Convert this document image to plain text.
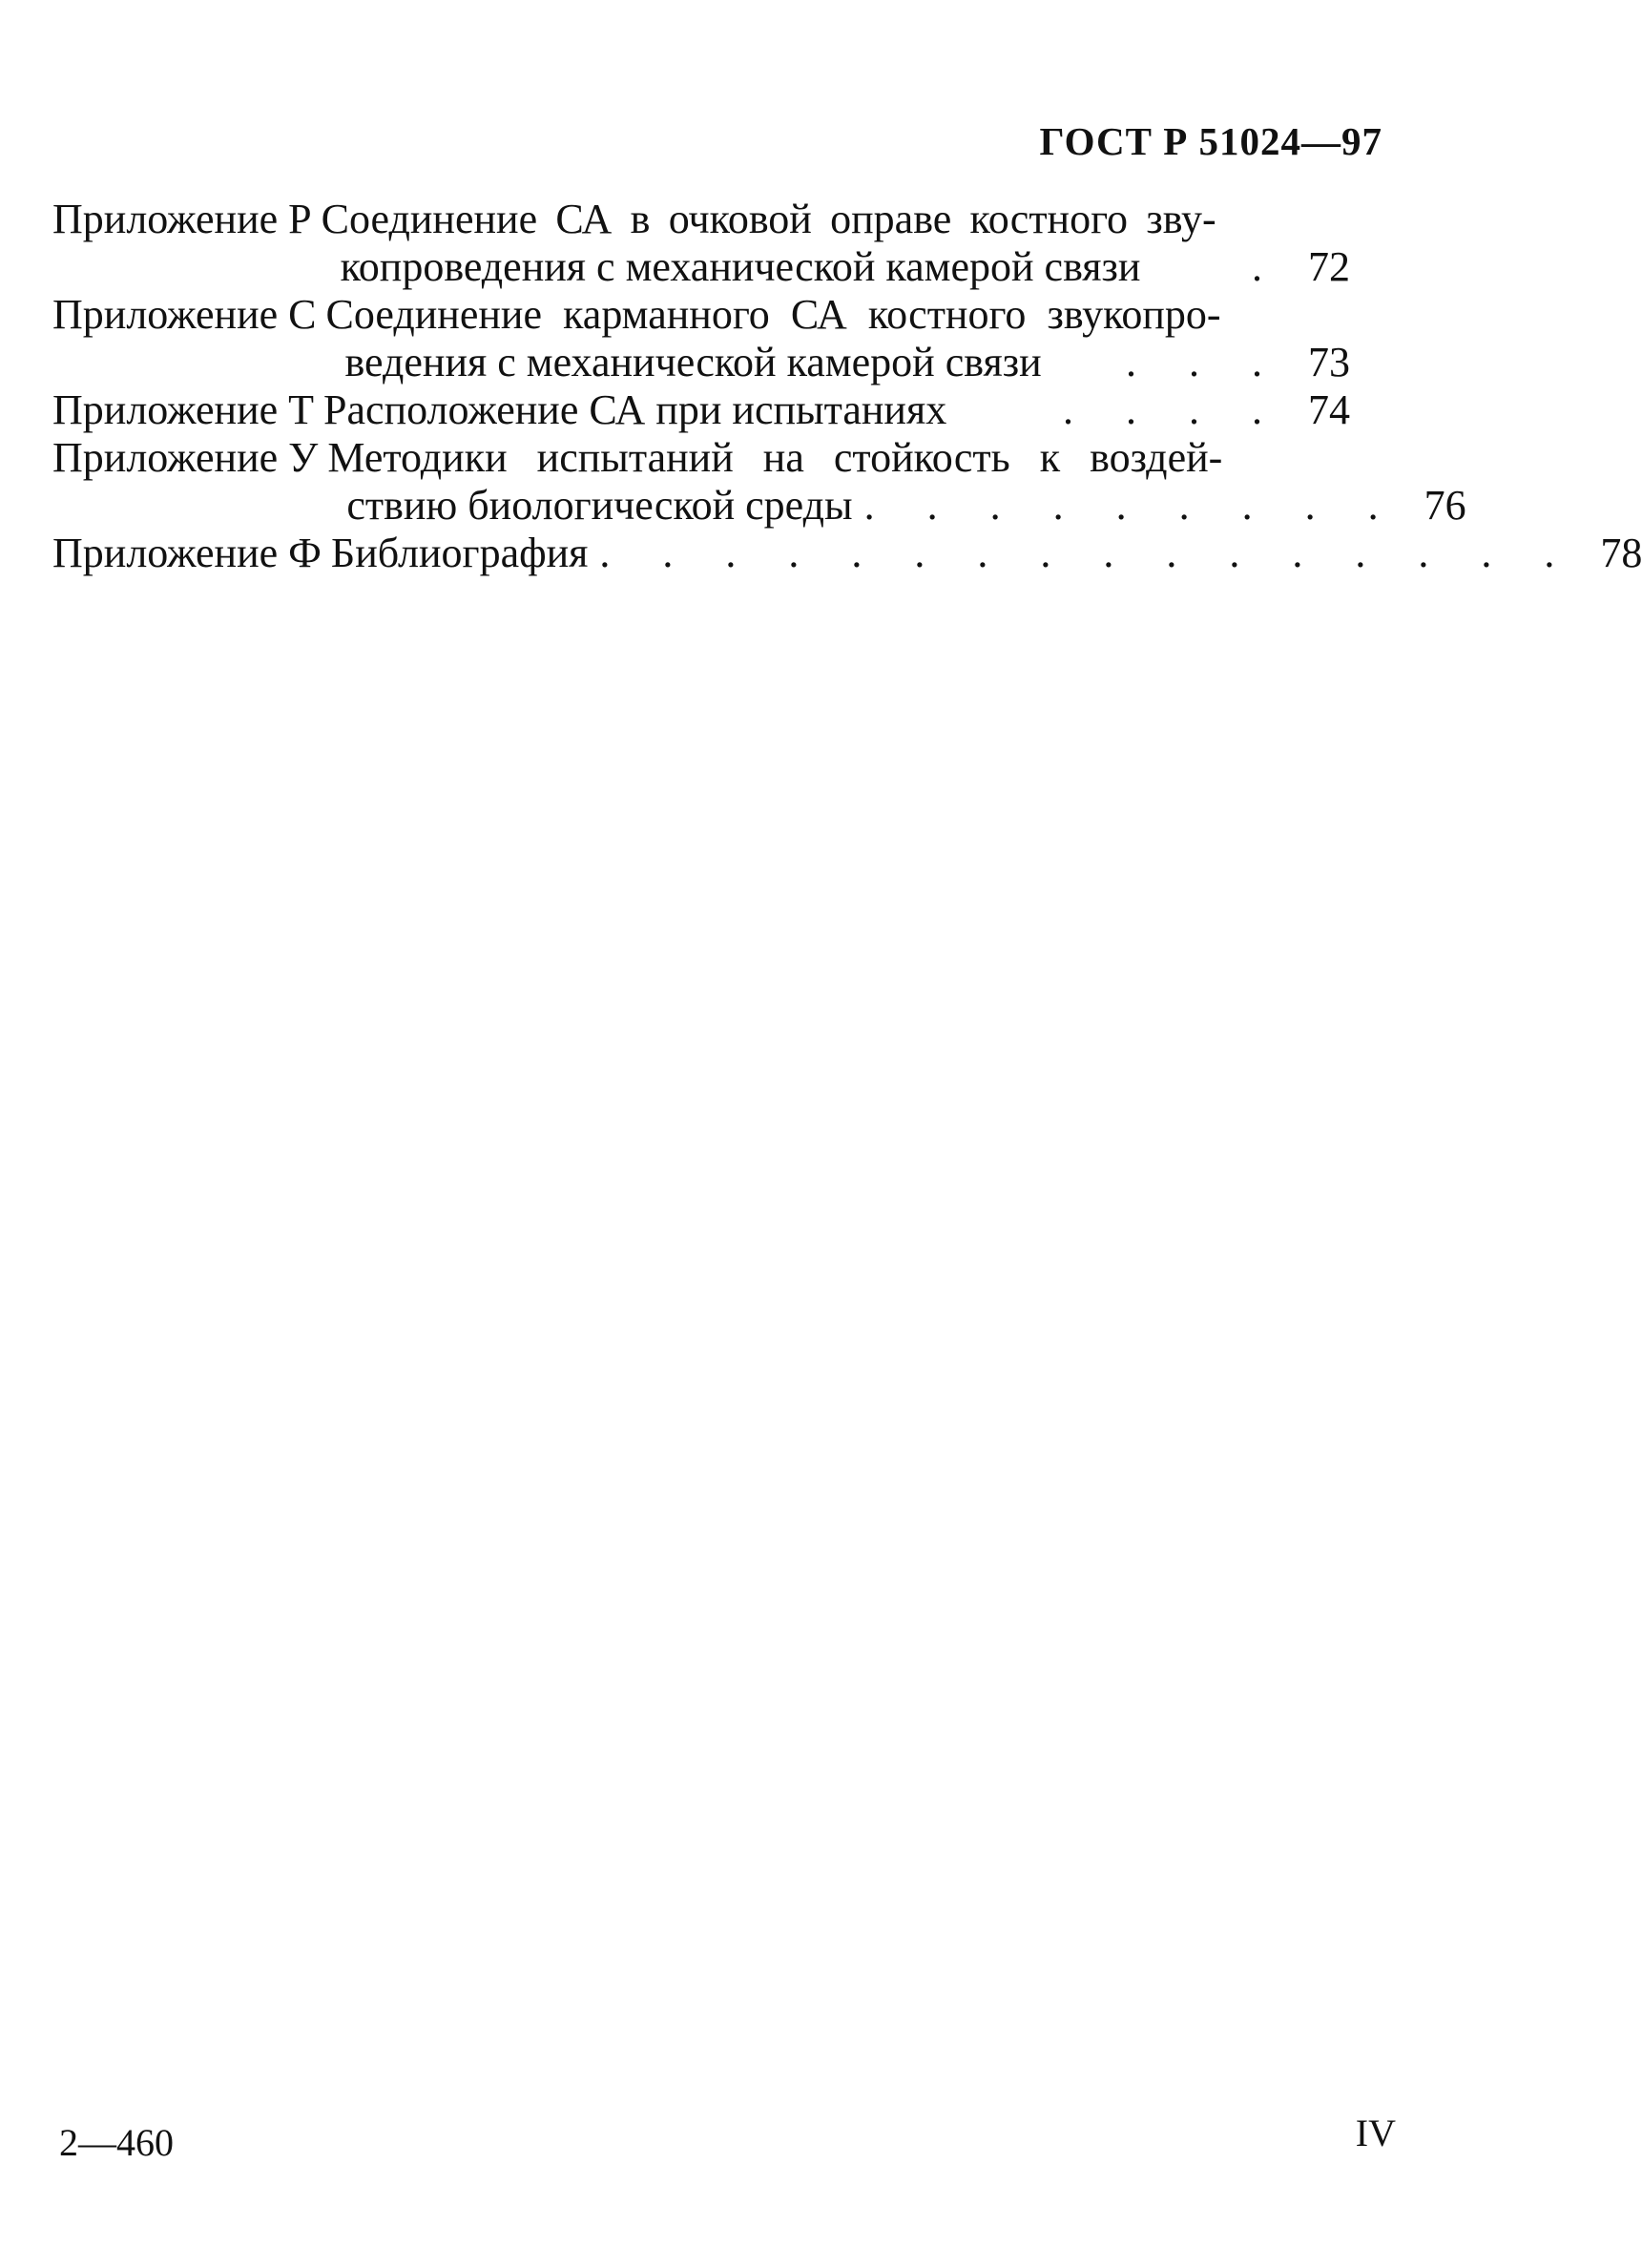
ГОСТ Р 51024—97
Приложение Р Соединение СА в очковой оправе костного зву-
копроведения с механической камерой связи	. 72
Приложение С Соединение карманного СА костного звукопро-
ведения с механической камерой связи	. . . 73
Приложение Т Расположение СА при испытаниях	. . . . 74
Приложение У Методики испытаний на стойкость к воздей-
ствию биологической среды . . . . . . . . . 76
Приложение Ф Библиография . . . . . . . . . . . . . . . . 78
2—460	IV
